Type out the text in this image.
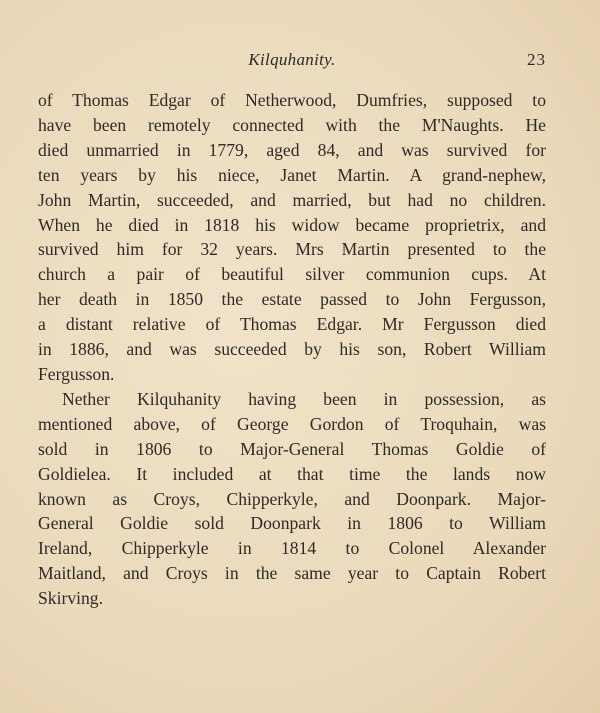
Kilquhanity.	23

of Thomas Edgar of Netherwood, Dumfries, supposed to
have been remotely connected with the M'Naughts. He
died unmarried in 1779, aged 84, and was survived for
ten years by his niece, Janet Martin. A grand-nephew,
John Martin, succeeded, and married, but had no children.
When he died in 1818 his widow became proprietrix, and
survived him for 32 years. Mrs Martin presented to the
church a pair of beautiful silver communion cups. At
her death in 1850 the estate passed to John Fergusson,
a distant relative of Thomas Edgar. Mr Fergusson died
in 1886, and was succeeded by his son, Robert William
Fergusson.

Nether Kilquhanity having been in possession, as
mentioned above, of George Gordon of Troquhain, was
sold in 1806 to Major-General Thomas Goldie of
Goldielea. It included at that time the lands now
known as Croys, Chipperkyle, and Doonpark. Major-
General Goldie sold Doonpark in 1806 to William
Ireland, Chipperkyle in 1814 to Colonel Alexander
Maitland, and Croys in the same year to Captain Robert
Skirving.
